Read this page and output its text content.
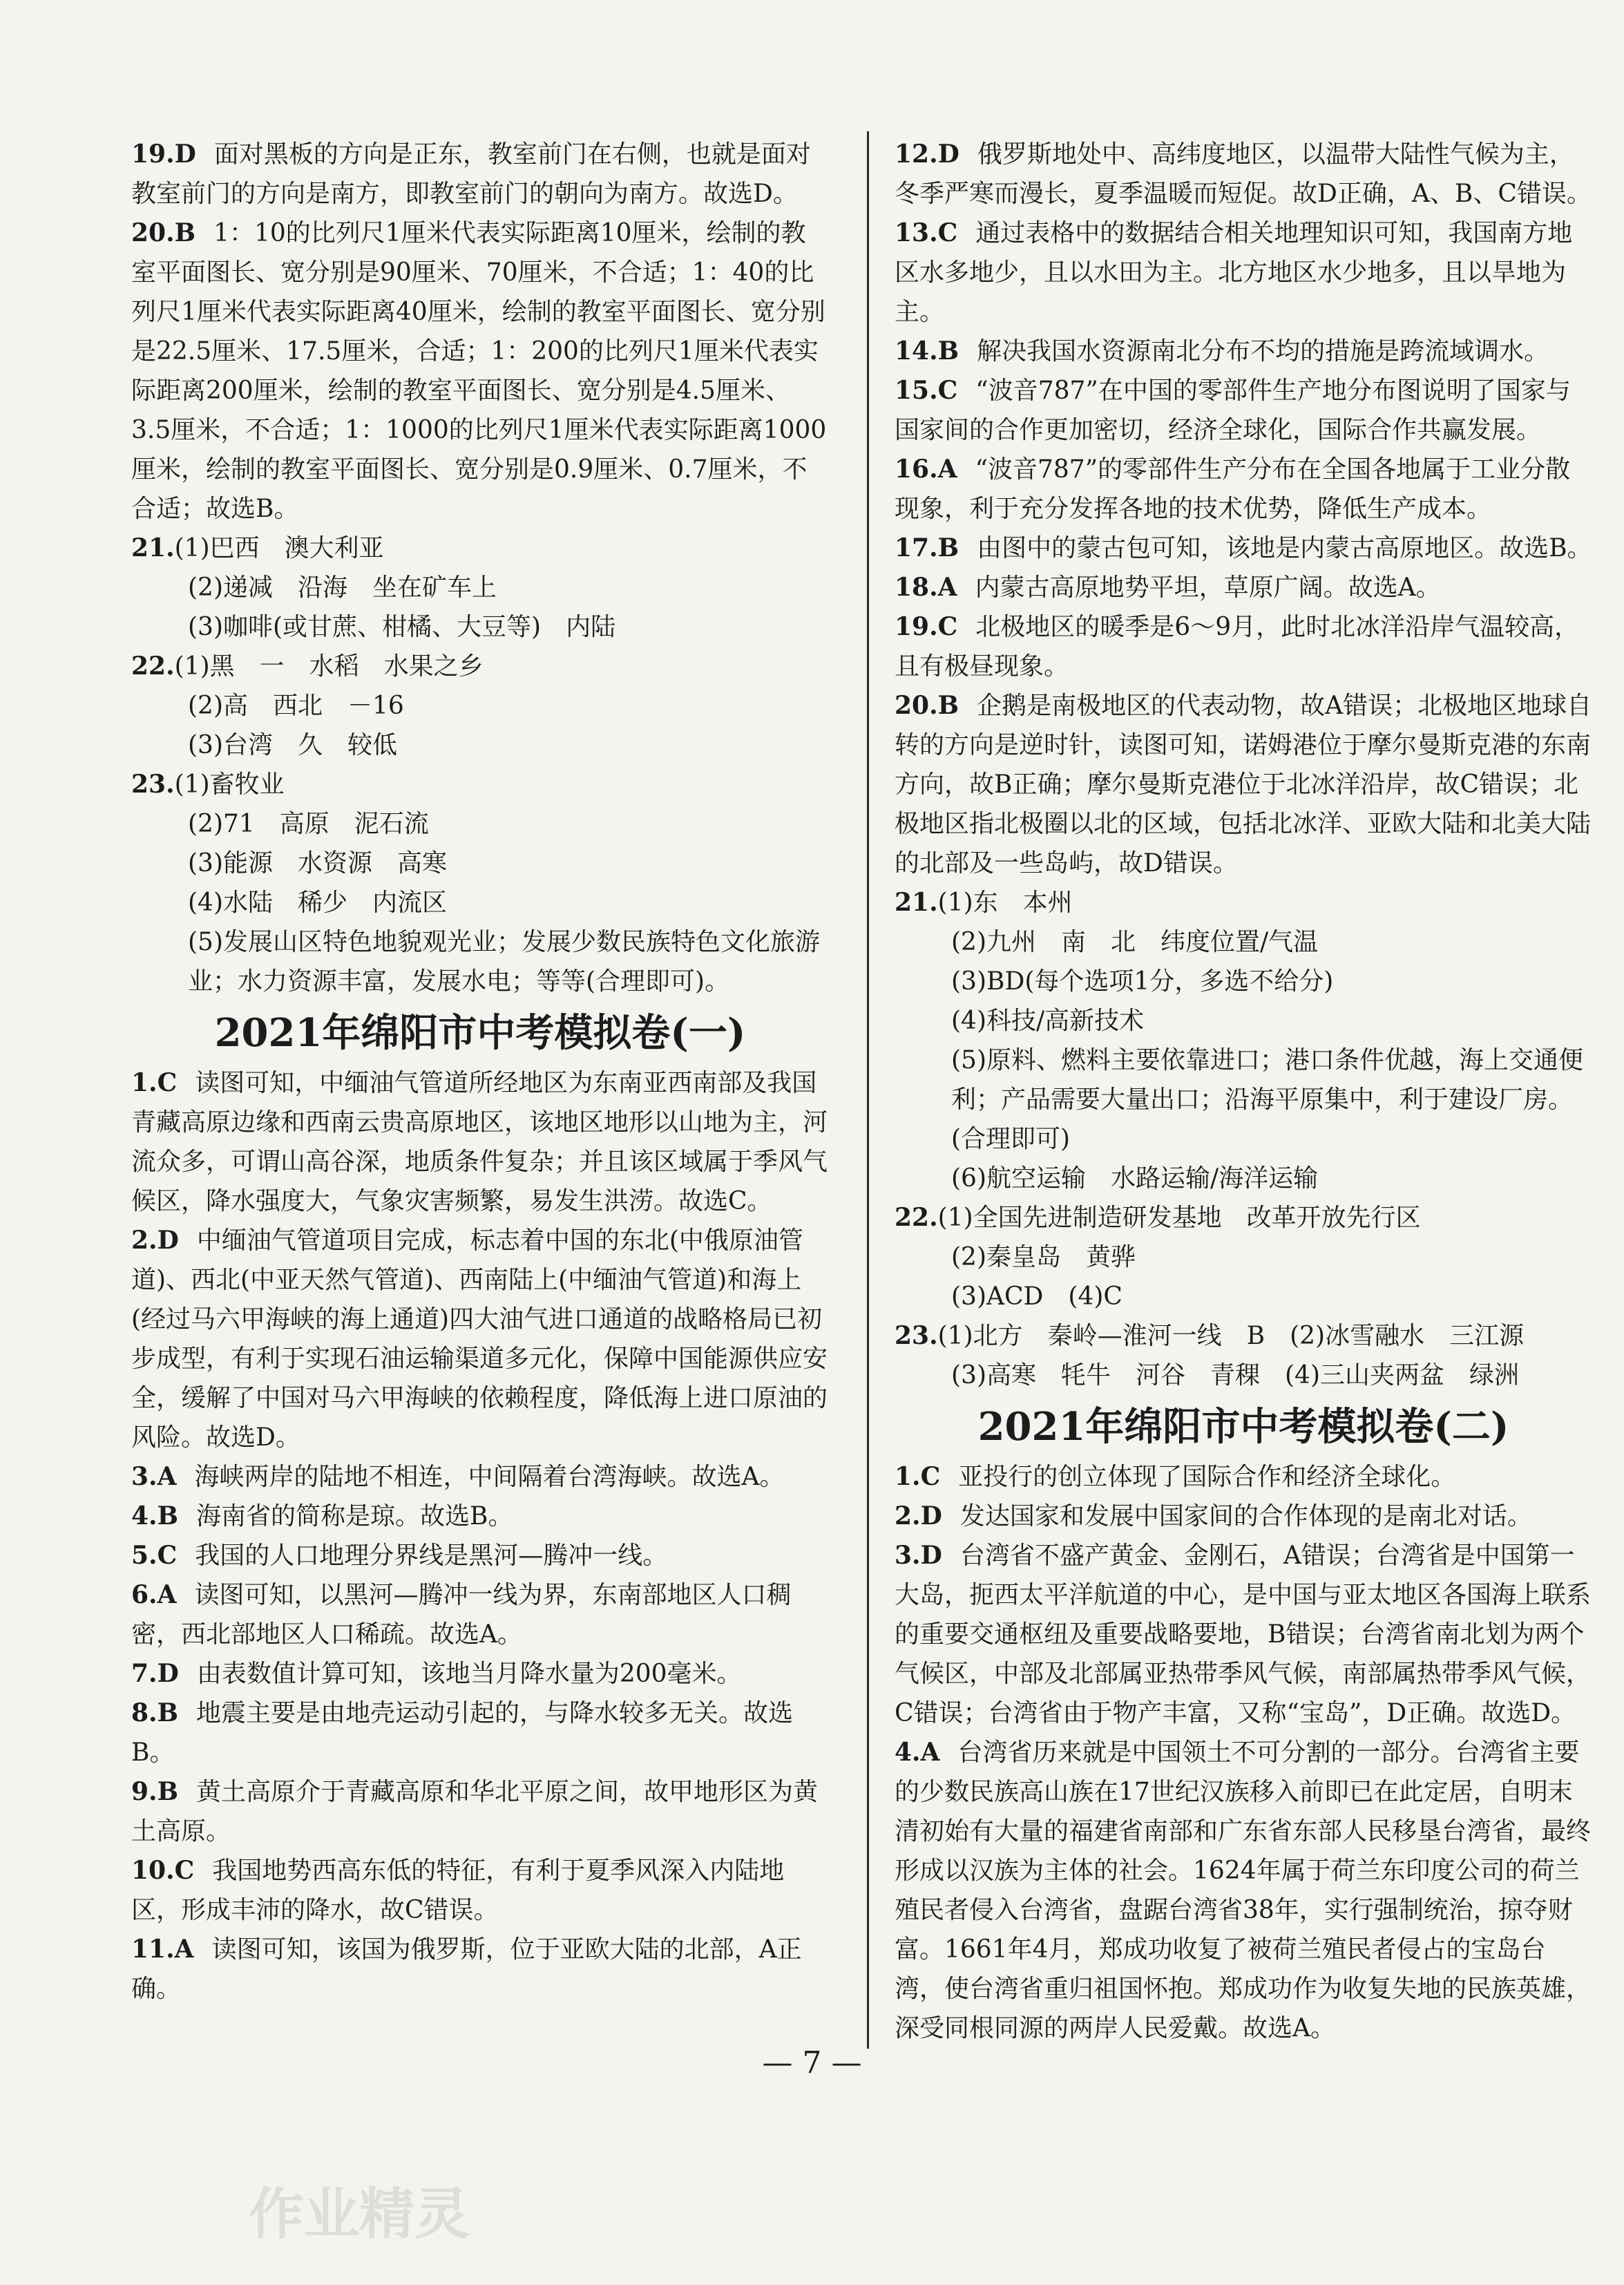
19.D 面对黑板的方向是正东，教室前门在右侧，也就是面对教室前门的方向是南方，即教室前门的朝向为南方。故选D。

20.B 1：10的比列尺1厘米代表实际距离10厘米，绘制的教室平面图长、宽分别是90厘米、70厘米，不合适；1：40的比列尺1厘米代表实际距离40厘米，绘制的教室平面图长、宽分别是22.5厘米、17.5厘米，合适；1：200的比列尺1厘米代表实际距离200厘米，绘制的教室平面图长、宽分别是4.5厘米、3.5厘米，不合适；1：1000的比列尺1厘米代表实际距离1000厘米，绘制的教室平面图长、宽分别是0.9厘米、0.7厘米，不合适；故选B。

21.(1)巴西　澳大利亚

(2)递减　沿海　坐在矿车上

(3)咖啡(或甘蔗、柑橘、大豆等)　内陆

22.(1)黑　一　水稻　水果之乡

(2)高　西北　－16

(3)台湾　久　较低

23.(1)畜牧业

(2)71　高原　泥石流

(3)能源　水资源　高寒

(4)水陆　稀少　内流区

(5)发展山区特色地貌观光业；发展少数民族特色文化旅游业；水力资源丰富，发展水电；等等(合理即可)。

2021年绵阳市中考模拟卷(一)

1.C 读图可知，中缅油气管道所经地区为东南亚西南部及我国青藏高原边缘和西南云贵高原地区，该地区地形以山地为主，河流众多，可谓山高谷深，地质条件复杂；并且该区域属于季风气候区，降水强度大，气象灾害频繁，易发生洪涝。故选C。

2.D 中缅油气管道项目完成，标志着中国的东北(中俄原油管道)、西北(中亚天然气管道)、西南陆上(中缅油气管道)和海上(经过马六甲海峡的海上通道)四大油气进口通道的战略格局已初步成型，有利于实现石油运输渠道多元化，保障中国能源供应安全，缓解了中国对马六甲海峡的依赖程度，降低海上进口原油的风险。故选D。

3.A 海峡两岸的陆地不相连，中间隔着台湾海峡。故选A。

4.B 海南省的简称是琼。故选B。

5.C 我国的人口地理分界线是黑河—腾冲一线。

6.A 读图可知，以黑河—腾冲一线为界，东南部地区人口稠密，西北部地区人口稀疏。故选A。

7.D 由表数值计算可知，该地当月降水量为200毫米。

8.B 地震主要是由地壳运动引起的，与降水较多无关。故选B。

9.B 黄土高原介于青藏高原和华北平原之间，故甲地形区为黄土高原。

10.C 我国地势西高东低的特征，有利于夏季风深入内陆地区，形成丰沛的降水，故C错误。

11.A 读图可知，该国为俄罗斯，位于亚欧大陆的北部，A正确。

12.D 俄罗斯地处中、高纬度地区，以温带大陆性气候为主，冬季严寒而漫长，夏季温暖而短促。故D正确，A、B、C错误。

13.C 通过表格中的数据结合相关地理知识可知，我国南方地区水多地少，且以水田为主。北方地区水少地多，且以旱地为主。

14.B 解决我国水资源南北分布不均的措施是跨流域调水。

15.C “波音787”在中国的零部件生产地分布图说明了国家与国家间的合作更加密切，经济全球化，国际合作共赢发展。

16.A “波音787”的零部件生产分布在全国各地属于工业分散现象，利于充分发挥各地的技术优势，降低生产成本。

17.B 由图中的蒙古包可知，该地是内蒙古高原地区。故选B。

18.A 内蒙古高原地势平坦，草原广阔。故选A。

19.C 北极地区的暖季是6～9月，此时北冰洋沿岸气温较高，且有极昼现象。

20.B 企鹅是南极地区的代表动物，故A错误；北极地区地球自转的方向是逆时针，读图可知，诺姆港位于摩尔曼斯克港的东南方向，故B正确；摩尔曼斯克港位于北冰洋沿岸，故C错误；北极地区指北极圈以北的区域，包括北冰洋、亚欧大陆和北美大陆的北部及一些岛屿，故D错误。

21.(1)东　本州

(2)九州　南　北　纬度位置/气温

(3)BD(每个选项1分，多选不给分)

(4)科技/高新技术

(5)原料、燃料主要依靠进口；港口条件优越，海上交通便利；产品需要大量出口；沿海平原集中，利于建设厂房。(合理即可)

(6)航空运输　水路运输/海洋运输

22.(1)全国先进制造研发基地　改革开放先行区

(2)秦皇岛　黄骅

(3)ACD　(4)C

23.(1)北方　秦岭—淮河一线　B　(2)冰雪融水　三江源

(3)高寒　牦牛　河谷　青稞　(4)三山夹两盆　绿洲

2021年绵阳市中考模拟卷(二)

1.C 亚投行的创立体现了国际合作和经济全球化。

2.D 发达国家和发展中国家间的合作体现的是南北对话。

3.D 台湾省不盛产黄金、金刚石，A错误；台湾省是中国第一大岛，扼西太平洋航道的中心，是中国与亚太地区各国海上联系的重要交通枢纽及重要战略要地，B错误；台湾省南北划为两个气候区，中部及北部属亚热带季风气候，南部属热带季风气候，C错误；台湾省由于物产丰富，又称“宝岛”，D正确。故选D。

4.A 台湾省历来就是中国领土不可分割的一部分。台湾省主要的少数民族高山族在17世纪汉族移入前即已在此定居，自明末清初始有大量的福建省南部和广东省东部人民移垦台湾省，最终形成以汉族为主体的社会。1624年属于荷兰东印度公司的荷兰殖民者侵入台湾省，盘踞台湾省38年，实行强制统治，掠夺财富。1661年4月，郑成功收复了被荷兰殖民者侵占的宝岛台湾，使台湾省重归祖国怀抱。郑成功作为收复失地的民族英雄，深受同根同源的两岸人民爱戴。故选A。

— 7 —
作业精灵
